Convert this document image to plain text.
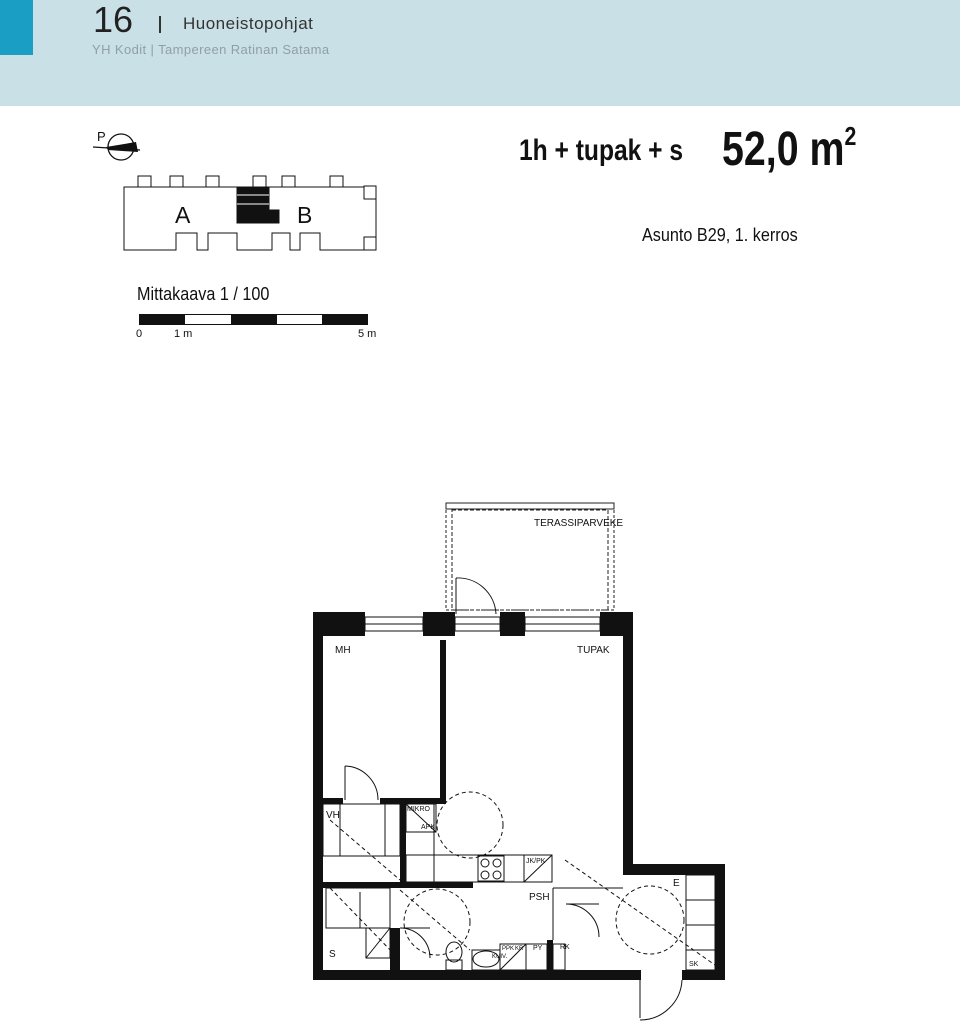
16	Huoneistopohjat
YH Kodit | Tampereen Ratinan Satama
1h + tupak + s 52,0 $m^2$
Asunto B29, 1. kerros
Mittakaava 1 / 100
0	1 m	5 m
P
A	B
TERASSIPARVEKE
MH	TUPAK
VH
MIKRO
APK
JK/PK
PSH
E
S	PPK KR
KUIV.
PY
SK
RK
